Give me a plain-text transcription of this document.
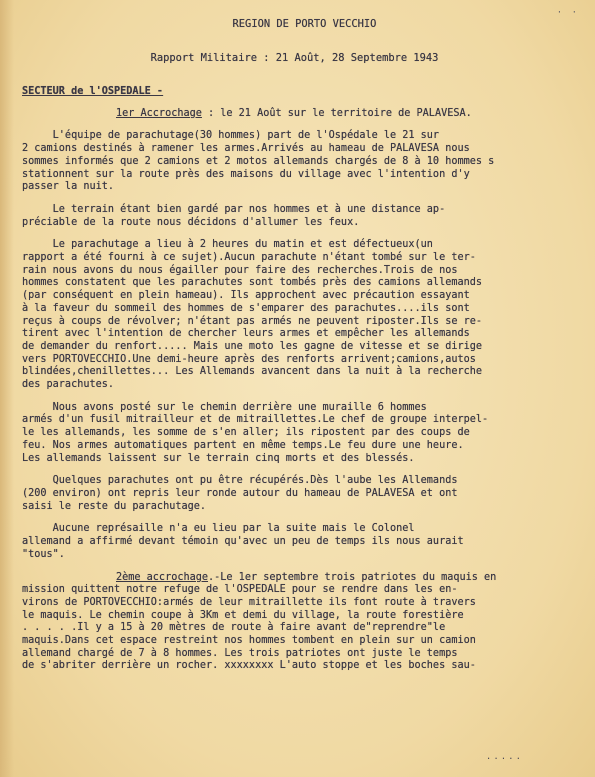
· ·
REGION DE PORTO VECCHIO
Rapport Militaire : 21 Août, 28 Septembre 1943
SECTEUR de l'OSPEDALE -
1er Accrochage : le 21 Août sur le territoire de PALAVESA.
L'équipe de parachutage(30 hommes) part de l'Ospédale le 21 sur
2 camions destinés à ramener les armes.Arrivés au hameau de PALAVESA nous
sommes informés que 2 camions et 2 motos allemands chargés de 8 à 10 hommes s
stationnent sur la route près des maisons du village avec l'intention d'y
passer la nuit.
Le terrain étant bien gardé par nos hommes et à une distance ap-
préciable de la route nous décidons d'allumer les feux.
Le parachutage a lieu à 2 heures du matin et est défectueux(un
rapport a été fourni à ce sujet).Aucun parachute n'étant tombé sur le ter-
rain nous avons du nous égailler pour faire des recherches.Trois de nos
hommes constatent que les parachutes sont tombés près des camions allemands
(par conséquent en plein hameau). Ils approchent avec précaution essayant
à la faveur du sommeil des hommes de s'emparer des parachutes....ils sont
reçus à coups de révolver; n'étant pas armés ne peuvent riposter.Ils se re-
tirent avec l'intention de chercher leurs armes et empêcher les allemands
de demander du renfort..... Mais une moto les gagne de vitesse et se dirige
vers PORTOVECCHIO.Une demi-heure après des renforts arrivent;camions,autos
blindées,chenillettes... Les Allemands avancent dans la nuit à la recherche
des parachutes.
Nous avons posté sur le chemin derrière une muraille 6 hommes
armés d'un fusil mitrailleur et de mitraillettes.Le chef de groupe interpel-
le les allemands, les somme de s'en aller; ils ripostent par des coups de
feu. Nos armes automatiques partent en même temps.Le feu dure une heure.
Les allemands laissent sur le terrain cinq morts et des blessés.
Quelques parachutes ont pu être récupérés.Dès l'aube les Allemands
(200 environ) ont repris leur ronde autour du hameau de PALAVESA et ont
saisi le reste du parachutage.
Aucune représaille n'a eu lieu par la suite mais le Colonel
allemand a affirmé devant témoin qu'avec un peu de temps ils nous aurait
"tous".
2ème accrochage.-Le 1er septembre trois patriotes du maquis en
mission quittent notre refuge de l'OSPEDALE pour se rendre dans les en-
virons de PORTOVECCHIO:armés de leur mitraillette ils font route à travers
le maquis. Le chemin coupe à 3Km et demi du village, la route forestière
. . . . .Il y a 15 à 20 mètres de route à faire avant de"reprendre"le
maquis.Dans cet espace restreint nos hommes tombent en plein sur un camion
allemand chargé de 7 à 8 hommes. Les trois patriotes ont juste le temps
de s'abriter derrière un rocher. xxxxxxxx L'auto stoppe et les boches sau-
.....
